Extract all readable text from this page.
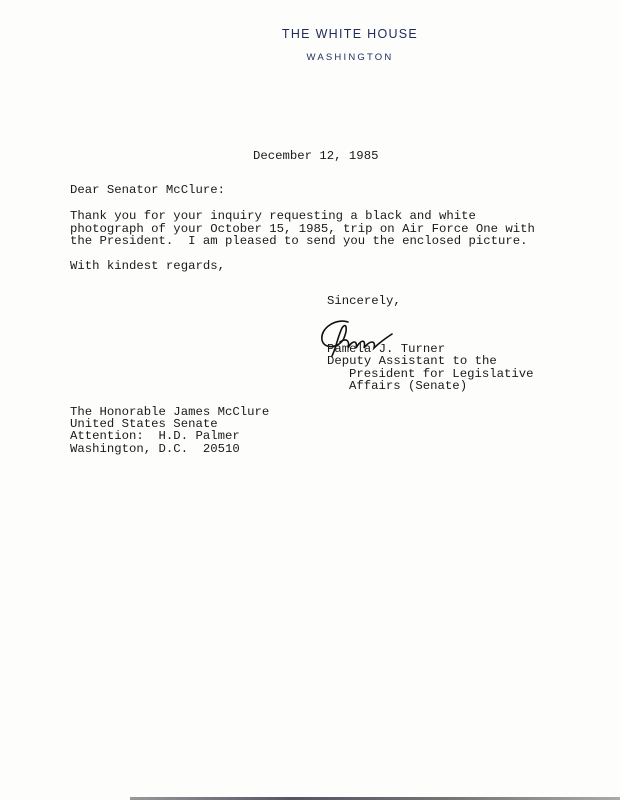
THE WHITE HOUSE
WASHINGTON
December 12, 1985
Dear Senator McClure:
Thank you for your inquiry requesting a black and white
photograph of your October 15, 1985, trip on Air Force One with
the President.  I am pleased to send you the enclosed picture.
With kindest regards,
Sincerely,
Pamela J. Turner
Deputy Assistant to the
President for Legislative
Affairs (Senate)
The Honorable James McClure
United States Senate
Attention:  H.D. Palmer
Washington, D.C.  20510
